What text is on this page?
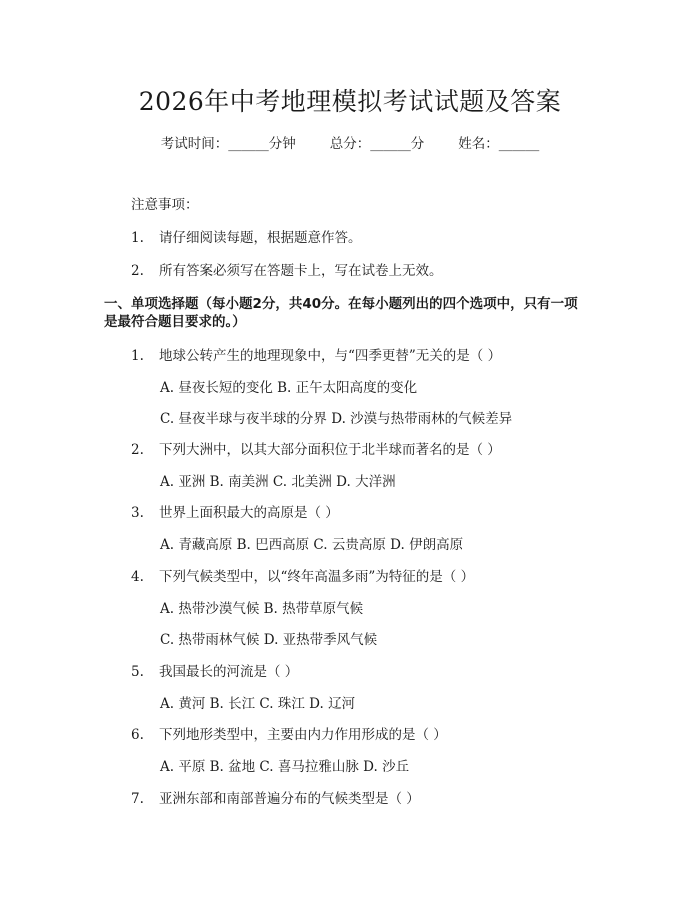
2026年中考地理模拟考试试题及答案
考试时间：______分钟	总分：______分	姓名：______
注意事项：
1. 请仔细阅读每题，根据题意作答。
2. 所有答案必须写在答题卡上，写在试卷上无效。
一、单项选择题（每小题2分，共40分。在每小题列出的四个选项中，只有一项
是最符合题目要求的。）
1. 地球公转产生的地理现象中，与“四季更替”无关的是（ ）
A. 昼夜长短的变化 B. 正午太阳高度的变化
C. 昼夜半球与夜半球的分界 D. 沙漠与热带雨林的气候差异
2. 下列大洲中，以其大部分面积位于北半球而著名的是（ ）
A. 亚洲 B. 南美洲 C. 北美洲 D. 大洋洲
3. 世界上面积最大的高原是（ ）
A. 青藏高原 B. 巴西高原 C. 云贵高原 D. 伊朗高原
4. 下列气候类型中，以“终年高温多雨”为特征的是（ ）
A. 热带沙漠气候 B. 热带草原气候
C. 热带雨林气候 D. 亚热带季风气候
5. 我国最长的河流是（ ）
A. 黄河 B. 长江 C. 珠江 D. 辽河
6. 下列地形类型中，主要由内力作用形成的是（ ）
A. 平原 B. 盆地 C. 喜马拉雅山脉 D. 沙丘
7. 亚洲东部和南部普遍分布的气候类型是（ ）
